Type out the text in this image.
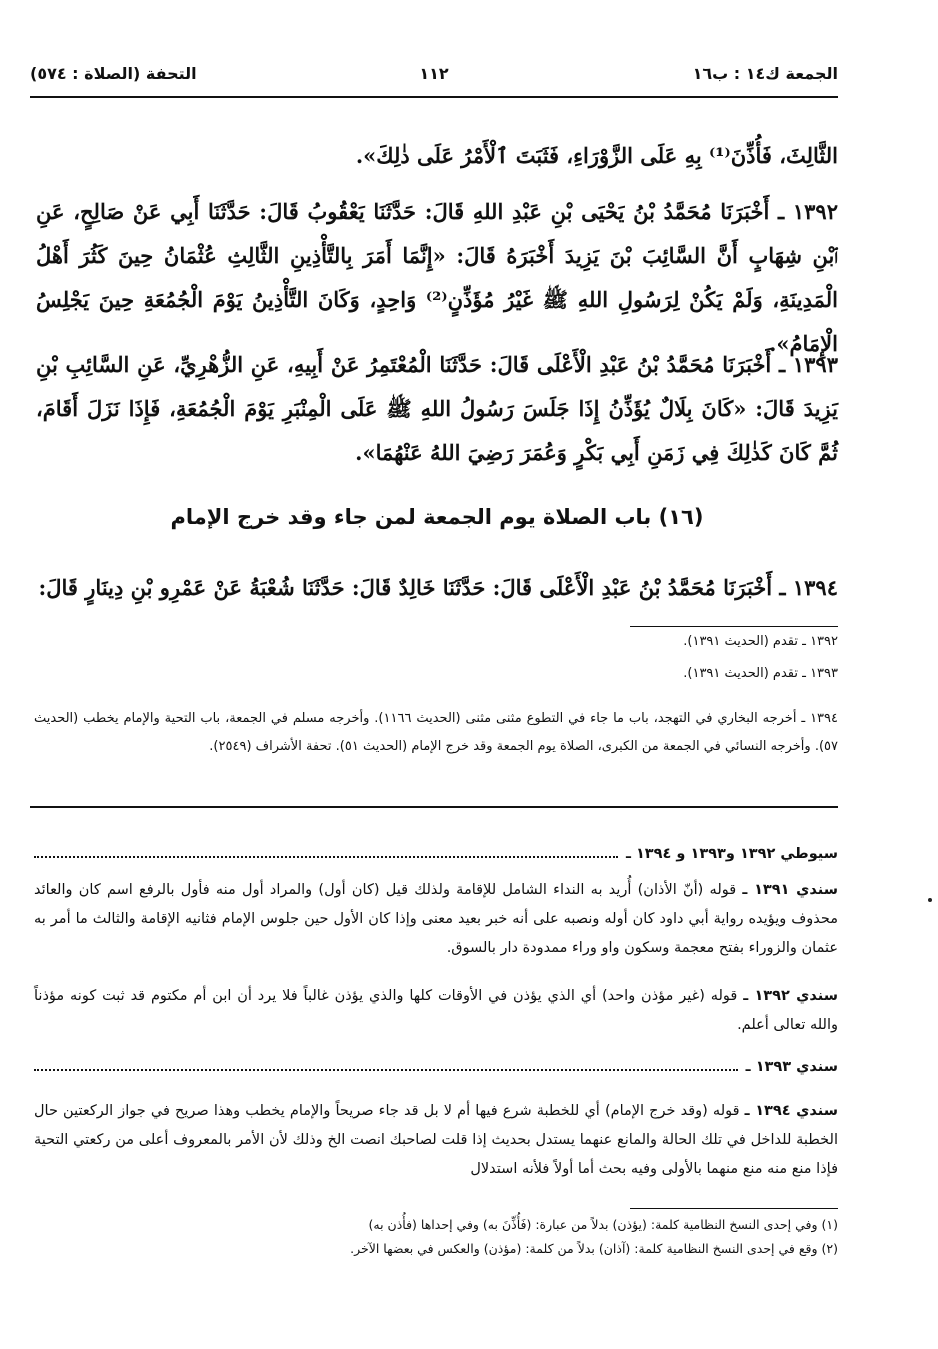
الجمعة ك١٤ : ب١٦
١١٢
التحفة (الصلاة : ٥٧٤)
الثَّالِثَ، فَأُذِّنَ⁽¹⁾ بِهِ عَلَى الزَّوْرَاءِ، فَثَبَتَ ٱلْأَمْرُ عَلَى ذٰلِكَ».
١٣٩٢ ـ أَخْبَرَنَا مُحَمَّدُ بْنُ يَحْيَى بْنِ عَبْدِ اللهِ قَالَ: حَدَّثَنَا يَعْقُوبُ قَالَ: حَدَّثَنَا أَبِي عَنْ صَالِحٍ، عَنِ ٱبْنِ شِهَابٍ أَنَّ السَّائِبَ بْنَ يَزِيدَ أَخْبَرَهُ قَالَ: «إِنَّمَا أَمَرَ بِالتَّأْذِينِ الثَّالِثِ عُثْمَانُ حِينَ كَثُرَ أَهْلُ الْمَدِينَةِ، وَلَمْ يَكُنْ لِرَسُولِ اللهِ ﷺ غَيْرُ مُؤَذِّنٍ⁽²⁾ وَاحِدٍ، وَكَانَ التَّأْذِينُ يَوْمَ الْجُمُعَةِ حِينَ يَجْلِسُ الْإِمَامُ».
١٣٩٣ ـ أَخْبَرَنَا مُحَمَّدُ بْنُ عَبْدِ الْأَعْلَى قَالَ: حَدَّثَنَا الْمُعْتَمِرُ عَنْ أَبِيهِ، عَنِ الزُّهْرِيِّ، عَنِ السَّائِبِ بْنِ يَزِيدَ قَالَ: «كَانَ بِلَالٌ يُؤَذِّنُ إِذَا جَلَسَ رَسُولُ اللهِ ﷺ عَلَى الْمِنْبَرِ يَوْمَ الْجُمُعَةِ، فَإِذَا نَزَلَ أَقَامَ، ثُمَّ كَانَ كَذٰلِكَ فِي زَمَنِ أَبِي بَكْرٍ وَعُمَرَ رَضِيَ اللهُ عَنْهُمَا».
(١٦) باب الصلاة يوم الجمعة لمن جاء وقد خرج الإمام
١٣٩٤ ـ أَخْبَرَنَا مُحَمَّدُ بْنُ عَبْدِ الْأَعْلَى قَالَ: حَدَّثَنَا خَالِدٌ قَالَ: حَدَّثَنَا شُعْبَةُ عَنْ عَمْرِو بْنِ دِينَارٍ قَالَ:
١٣٩٢ ـ تقدم (الحديث ١٣٩١).
١٣٩٣ ـ تقدم (الحديث ١٣٩١).
١٣٩٤ ـ أخرجه البخاري في التهجد، باب ما جاء في التطوع مثنى مثنى (الحديث ١١٦٦). وأخرجه مسلم في الجمعة، باب التحية والإمام يخطب (الحديث ٥٧). وأخرجه النسائي في الجمعة من الكبرى، الصلاة يوم الجمعة وقد خرج الإمام (الحديث ٥١). تحفة الأشراف (٢٥٤٩).
سيوطي ١٣٩٢ و١٣٩٣ و ١٣٩٤ ـ
سندي ١٣٩١ ـ قوله (أنّ الأذان) أُريد به النداء الشامل للإقامة ولذلك قيل (كان أول) والمراد أول منه فأول بالرفع اسم كان والعائد محذوف ويؤيده رواية أبي داود كان أوله ونصبه على أنه خبر بعيد معنى وإذا كان الأول حين جلوس الإمام فثانيه الإقامة والثالث ما أمر به عثمان والزوراء بفتح معجمة وسكون واو وراء ممدودة دار بالسوق.
سندي ١٣٩٢ ـ قوله (غير مؤذن واحد) أي الذي يؤذن في الأوقات كلها والذي يؤذن غالباً فلا يرد أن ابن أم مكتوم قد ثبت كونه مؤذناً والله تعالى أعلم.
سندي ١٣٩٣ ـ
سندي ١٣٩٤ ـ قوله (وقد خرج الإمام) أي للخطبة شرع فيها أم لا بل قد جاء صريحاً والإمام يخطب وهذا صريح في جواز الركعتين حال الخطبة للداخل في تلك الحالة والمانع عنهما يستدل بحديث إذا قلت لصاحبك انصت الخ وذلك لأن الأمر بالمعروف أعلى من ركعتي التحية فإذا منع منه منع منهما بالأولى وفيه بحث أما أولاً فلأنه استدلال
(١) وفي إحدى النسخ النظامية كلمة: (يؤذن) بدلاً من عبارة: (فَأُذِّنَ به) وفي إحداها (فأُذن به)
(٢) وقع في إحدى النسخ النظامية كلمة: (آذان) بدلاً من كلمة: (مؤذن) والعكس في بعضها الآخر.
